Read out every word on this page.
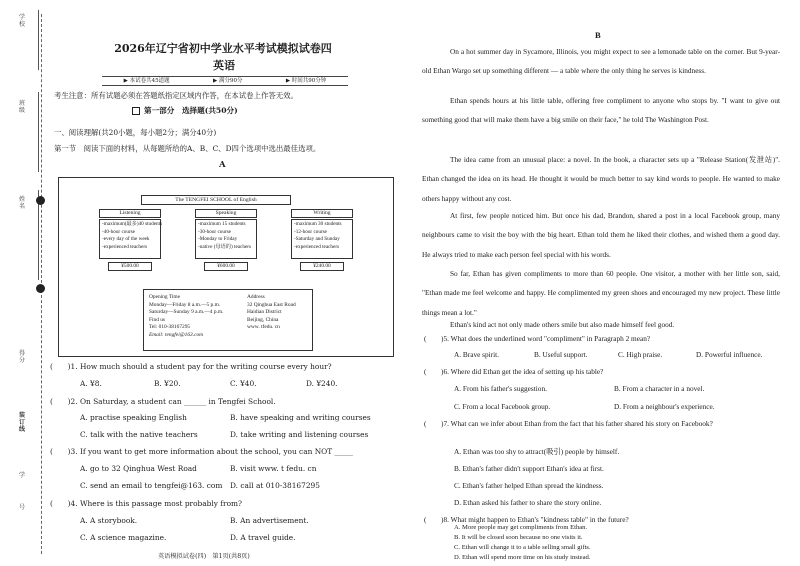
学校
班级
姓名
得分
装订线
学
号
2026年辽宁省初中学业水平考试模拟试卷四
英语
▶ 本试卷共45道题	▶ 满分90分	▶ 时间共90分钟
考生注意：所有试题必须在答题纸指定区域内作答，在本试卷上作答无效。
第一部分　选择题(共50分)
一、阅读理解(共20小题，每小题2分；满分40分)
第一节　阅读下面的材料，从每题所给的A、B、C、D四个选项中选出最佳选项。
A
The TENGFEI SCHOOL of English
Listening
-maximum(最多)40 students
-40-hour course
-every day of the week
-experienced teachers
¥500.00
Speaking
-maximum 15 students
-30-hour course
-Monday to Friday
-native (母语的) teachers
¥600.00
Writing
-maximum 30 students
-12-hour course
-Saturday and Sunday
-experienced teachers
¥240.00
Opening Time
Monday—Friday 8 a.m.—5 p.m.
Saturday—Sunday 9 a.m.—4 p.m.
Find us
Tel: 010-38167295
Email: tengfei@163.com
Address
32 Qinghua East Road
Haidian District
Beijing, China
www. tfedu. cn
(　　)1. How much should a student pay for the writing course every hour?
A. ¥8.	B. ¥20.	C. ¥40.	D. ¥240.
(　　)2. On Saturday, a student can ______ in Tengfei School.
A. practise speaking English	B. have speaking and writing courses
C. talk with the native teachers	D. take writing and listening courses
(　　)3. If you want to get more information about the school, you can NOT _____
A. go to 32 Qinghua West Road	B. visit www. t fedu. cn
C. send an email to tengfei@163. com D. call at 010-38167295
(　　)4. Where is this passage most probably from?
A. A storybook.	B. An advertisement.
C. A science magazine.	D. A travel guide.
英语模拟试卷(四)　第1页(共8页)
B
On a hot summer day in Sycamore, Illinois, you might expect to see a lemonade table on the corner. But 9-year-old Ethan Wargo set up something different — a table where the only thing he serves is kindness.
Ethan spends hours at his little table, offering free compliment to anyone who stops by. "I want to give out something good that will make them have a big smile on their face," he told The Washington Post.
The idea came from an unusual place: a novel. In the book, a character sets up a "Release Station(发泄站)". Ethan changed the idea on its head. He thought it would be much better to say kind words to people. He wanted to make others happy without any cost.
At first, few people noticed him. But once his dad, Brandon, shared a post in a local Facebook group, many neighbours came to visit the boy with the big heart. Ethan told them he liked their clothes, and wished them a good day. He always tried to make each person feel special with his words.
So far, Ethan has given compliments to more than 60 people. One visitor, a mother with her little son, said, "Ethan made me feel welcome and happy. He complimented my green shoes and encouraged my new project. These little things mean a lot."
Ethan's kind act not only made others smile but also made himself feel good.
(　　)5. What does the underlined word "compliment" in Paragraph 2 mean?
A. Brave spirit.	B. Useful support.	C. High praise.	D. Powerful influence.
(　　)6. Where did Ethan get the idea of setting up his table?
A. From his father's suggestion.	B. From a character in a novel.
C. From a local Facebook group.	D. From a neighbour's experience.
(　　)7. What can we infer about Ethan from the fact that his father shared his story on Facebook?
A. Ethan was too shy to attract(吸引) people by himself.
B. Ethan's father didn't support Ethan's idea at first.
C. Ethan's father helped Ethan spread the kindness.
D. Ethan asked his father to share the story online.
(　　)8. What might happen to Ethan's "kindness table" in the future?
A. More people may get compliments from Ethan.
B. It will be closed soon because no one visits it.
C. Ethan will change it to a table selling small gifts.
D. Ethan will spend more time on his study instead.
